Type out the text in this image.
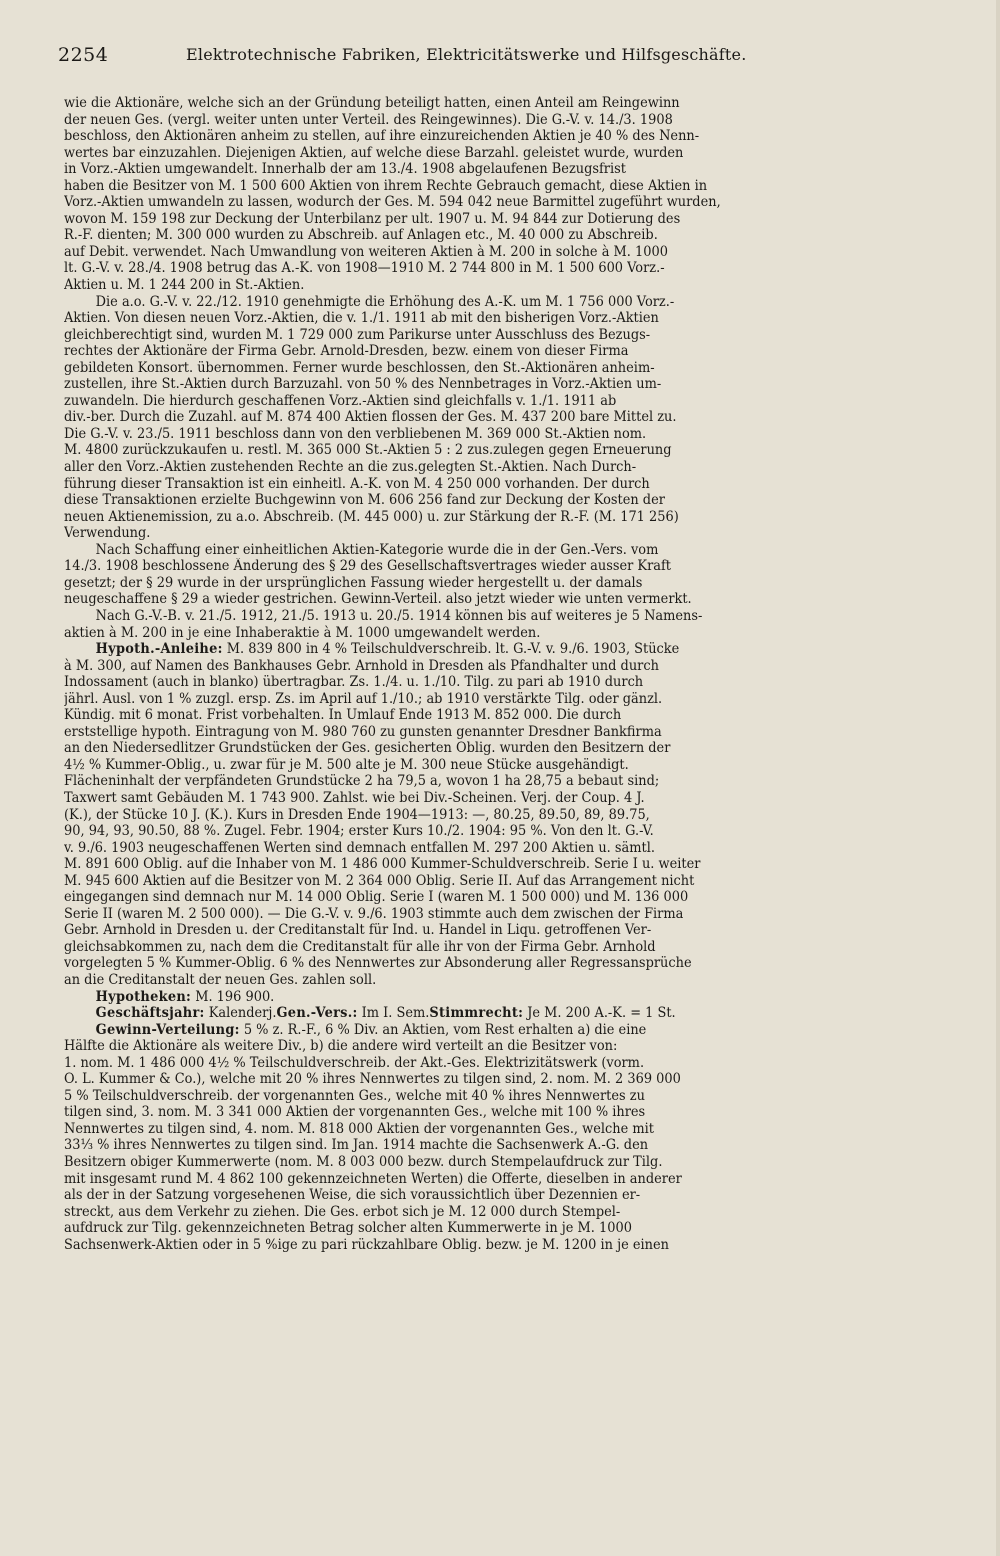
2254	Elektrotechnische Fabriken, Elektricitätswerke und Hilfsgeschäfte.
wie die Aktionäre, welche sich an der Gründung beteiligt hatten, einen Anteil am Reingewinn
der neuen Ges. (vergl. weiter unten unter Verteil. des Reingewinnes). Die G.-V. v. 14./3. 1908
beschloss, den Aktionären anheim zu stellen, auf ihre einzureichenden Aktien je 40 % des Nenn-
wertes bar einzuzahlen. Diejenigen Aktien, auf welche diese Barzahl. geleistet wurde, wurden
in Vorz.-Aktien umgewandelt. Innerhalb der am 13./4. 1908 abgelaufenen Bezugsfrist
haben die Besitzer von M. 1 500 600 Aktien von ihrem Rechte Gebrauch gemacht, diese Aktien in
Vorz.-Aktien umwandeln zu lassen, wodurch der Ges. M. 594 042 neue Barmittel zugeführt wurden,
wovon M. 159 198 zur Deckung der Unterbilanz per ult. 1907 u. M. 94 844 zur Dotierung des
R.-F. dienten; M. 300 000 wurden zu Abschreib. auf Anlagen etc., M. 40 000 zu Abschreib.
auf Debit. verwendet. Nach Umwandlung von weiteren Aktien à M. 200 in solche à M. 1000
lt. G.-V. v. 28./4. 1908 betrug das A.-K. von 1908—1910 M. 2 744 800 in M. 1 500 600 Vorz.-
Aktien u. M. 1 244 200 in St.-Aktien.
Die a.o. G.-V. v. 22./12. 1910 genehmigte die Erhöhung des A.-K. um M. 1 756 000 Vorz.-
Aktien. Von diesen neuen Vorz.-Aktien, die v. 1./1. 1911 ab mit den bisherigen Vorz.-Aktien
gleichberechtigt sind, wurden M. 1 729 000 zum Parikurse unter Ausschluss des Bezugs-
rechtes der Aktionäre der Firma Gebr. Arnold-Dresden, bezw. einem von dieser Firma
gebildeten Konsort. übernommen. Ferner wurde beschlossen, den St.-Aktionären anheim-
zustellen, ihre St.-Aktien durch Barzuzahl. von 50 % des Nennbetrages in Vorz.-Aktien um-
zuwandeln. Die hierdurch geschaffenen Vorz.-Aktien sind gleichfalls v. 1./1. 1911 ab
div.-ber. Durch die Zuzahl. auf M. 874 400 Aktien flossen der Ges. M. 437 200 bare Mittel zu.
Die G.-V. v. 23./5. 1911 beschloss dann von den verbliebenen M. 369 000 St.-Aktien nom.
M. 4800 zurückzukaufen u. restl. M. 365 000 St.-Aktien 5 : 2 zus.zulegen gegen Erneuerung
aller den Vorz.-Aktien zustehenden Rechte an die zus.gelegten St.-Aktien. Nach Durch-
führung dieser Transaktion ist ein einheitl. A.-K. von M. 4 250 000 vorhanden. Der durch
diese Transaktionen erzielte Buchgewinn von M. 606 256 fand zur Deckung der Kosten der
neuen Aktienemission, zu a.o. Abschreib. (M. 445 000) u. zur Stärkung der R.-F. (M. 171 256)
Verwendung.
Nach Schaffung einer einheitlichen Aktien-Kategorie wurde die in der Gen.-Vers. vom
14./3. 1908 beschlossene Änderung des § 29 des Gesellschaftsvertrages wieder ausser Kraft
gesetzt; der § 29 wurde in der ursprünglichen Fassung wieder hergestellt u. der damals
neugeschaffene § 29 a wieder gestrichen. Gewinn-Verteil. also jetzt wieder wie unten vermerkt.
Nach G.-V.-B. v. 21./5. 1912, 21./5. 1913 u. 20./5. 1914 können bis auf weiteres je 5 Namens-
aktien à M. 200 in je eine Inhaberaktie à M. 1000 umgewandelt werden.
Hypoth.-Anleihe: M. 839 800 in 4 % Teilschuldverschreib. lt. G.-V. v. 9./6. 1903, Stücke
à M. 300, auf Namen des Bankhauses Gebr. Arnhold in Dresden als Pfandhalter und durch
Indossament (auch in blanko) übertragbar. Zs. 1./4. u. 1./10. Tilg. zu pari ab 1910 durch
jährl. Ausl. von 1 % zuzgl. ersp. Zs. im April auf 1./10.; ab 1910 verstärkte Tilg. oder gänzl.
Kündig. mit 6 monat. Frist vorbehalten. In Umlauf Ende 1913 M. 852 000. Die durch
erststellige hypoth. Eintragung von M. 980 760 zu gunsten genannter Dresdner Bankfirma
an den Niedersedlitzer Grundstücken der Ges. gesicherten Oblig. wurden den Besitzern der
4½ % Kummer-Oblig., u. zwar für je M. 500 alte je M. 300 neue Stücke ausgehändigt.
Flächeninhalt der verpfändeten Grundstücke 2 ha 79,5 a, wovon 1 ha 28,75 a bebaut sind;
Taxwert samt Gebäuden M. 1 743 900. Zahlst. wie bei Div.-Scheinen. Verj. der Coup. 4 J.
(K.), der Stücke 10 J. (K.). Kurs in Dresden Ende 1904—1913: —, 80.25, 89.50, 89, 89.75,
90, 94, 93, 90.50, 88 %. Zugel. Febr. 1904; erster Kurs 10./2. 1904: 95 %. Von den lt. G.-V.
v. 9./6. 1903 neugeschaffenen Werten sind demnach entfallen M. 297 200 Aktien u. sämtl.
M. 891 600 Oblig. auf die Inhaber von M. 1 486 000 Kummer-Schuldverschreib. Serie I u. weiter
M. 945 600 Aktien auf die Besitzer von M. 2 364 000 Oblig. Serie II. Auf das Arrangement nicht
eingegangen sind demnach nur M. 14 000 Oblig. Serie I (waren M. 1 500 000) und M. 136 000
Serie II (waren M. 2 500 000). — Die G.-V. v. 9./6. 1903 stimmte auch dem zwischen der Firma
Gebr. Arnhold in Dresden u. der Creditanstalt für Ind. u. Handel in Liqu. getroffenen Ver-
gleichsabkommen zu, nach dem die Creditanstalt für alle ihr von der Firma Gebr. Arnhold
vorgelegten 5 % Kummer-Oblig. 6 % des Nennwertes zur Absonderung aller Regressansprüche
an die Creditanstalt der neuen Ges. zahlen soll.
Hypotheken: M. 196 900.
Geschäftsjahr: Kalenderj.Gen.-Vers.: Im I. Sem.Stimmrecht: Je M. 200 A.-K. = 1 St.
Gewinn-Verteilung: 5 % z. R.-F., 6 % Div. an Aktien, vom Rest erhalten a) die eine
Hälfte die Aktionäre als weitere Div., b) die andere wird verteilt an die Besitzer von:
1. nom. M. 1 486 000 4½ % Teilschuldverschreib. der Akt.-Ges. Elektrizitätswerk (vorm.
O. L. Kummer & Co.), welche mit 20 % ihres Nennwertes zu tilgen sind, 2. nom. M. 2 369 000
5 % Teilschuldverschreib. der vorgenannten Ges., welche mit 40 % ihres Nennwertes zu
tilgen sind, 3. nom. M. 3 341 000 Aktien der vorgenannten Ges., welche mit 100 % ihres
Nennwertes zu tilgen sind, 4. nom. M. 818 000 Aktien der vorgenannten Ges., welche mit
33⅓ % ihres Nennwertes zu tilgen sind. Im Jan. 1914 machte die Sachsenwerk A.-G. den
Besitzern obiger Kummerwerte (nom. M. 8 003 000 bezw. durch Stempelaufdruck zur Tilg.
mit insgesamt rund M. 4 862 100 gekennzeichneten Werten) die Offerte, dieselben in anderer
als der in der Satzung vorgesehenen Weise, die sich voraussichtlich über Dezennien er-
streckt, aus dem Verkehr zu ziehen. Die Ges. erbot sich je M. 12 000 durch Stempel-
aufdruck zur Tilg. gekennzeichneten Betrag solcher alten Kummerwerte in je M. 1000
Sachsenwerk-Aktien oder in 5 %ige zu pari rückzahlbare Oblig. bezw. je M. 1200 in je einen
